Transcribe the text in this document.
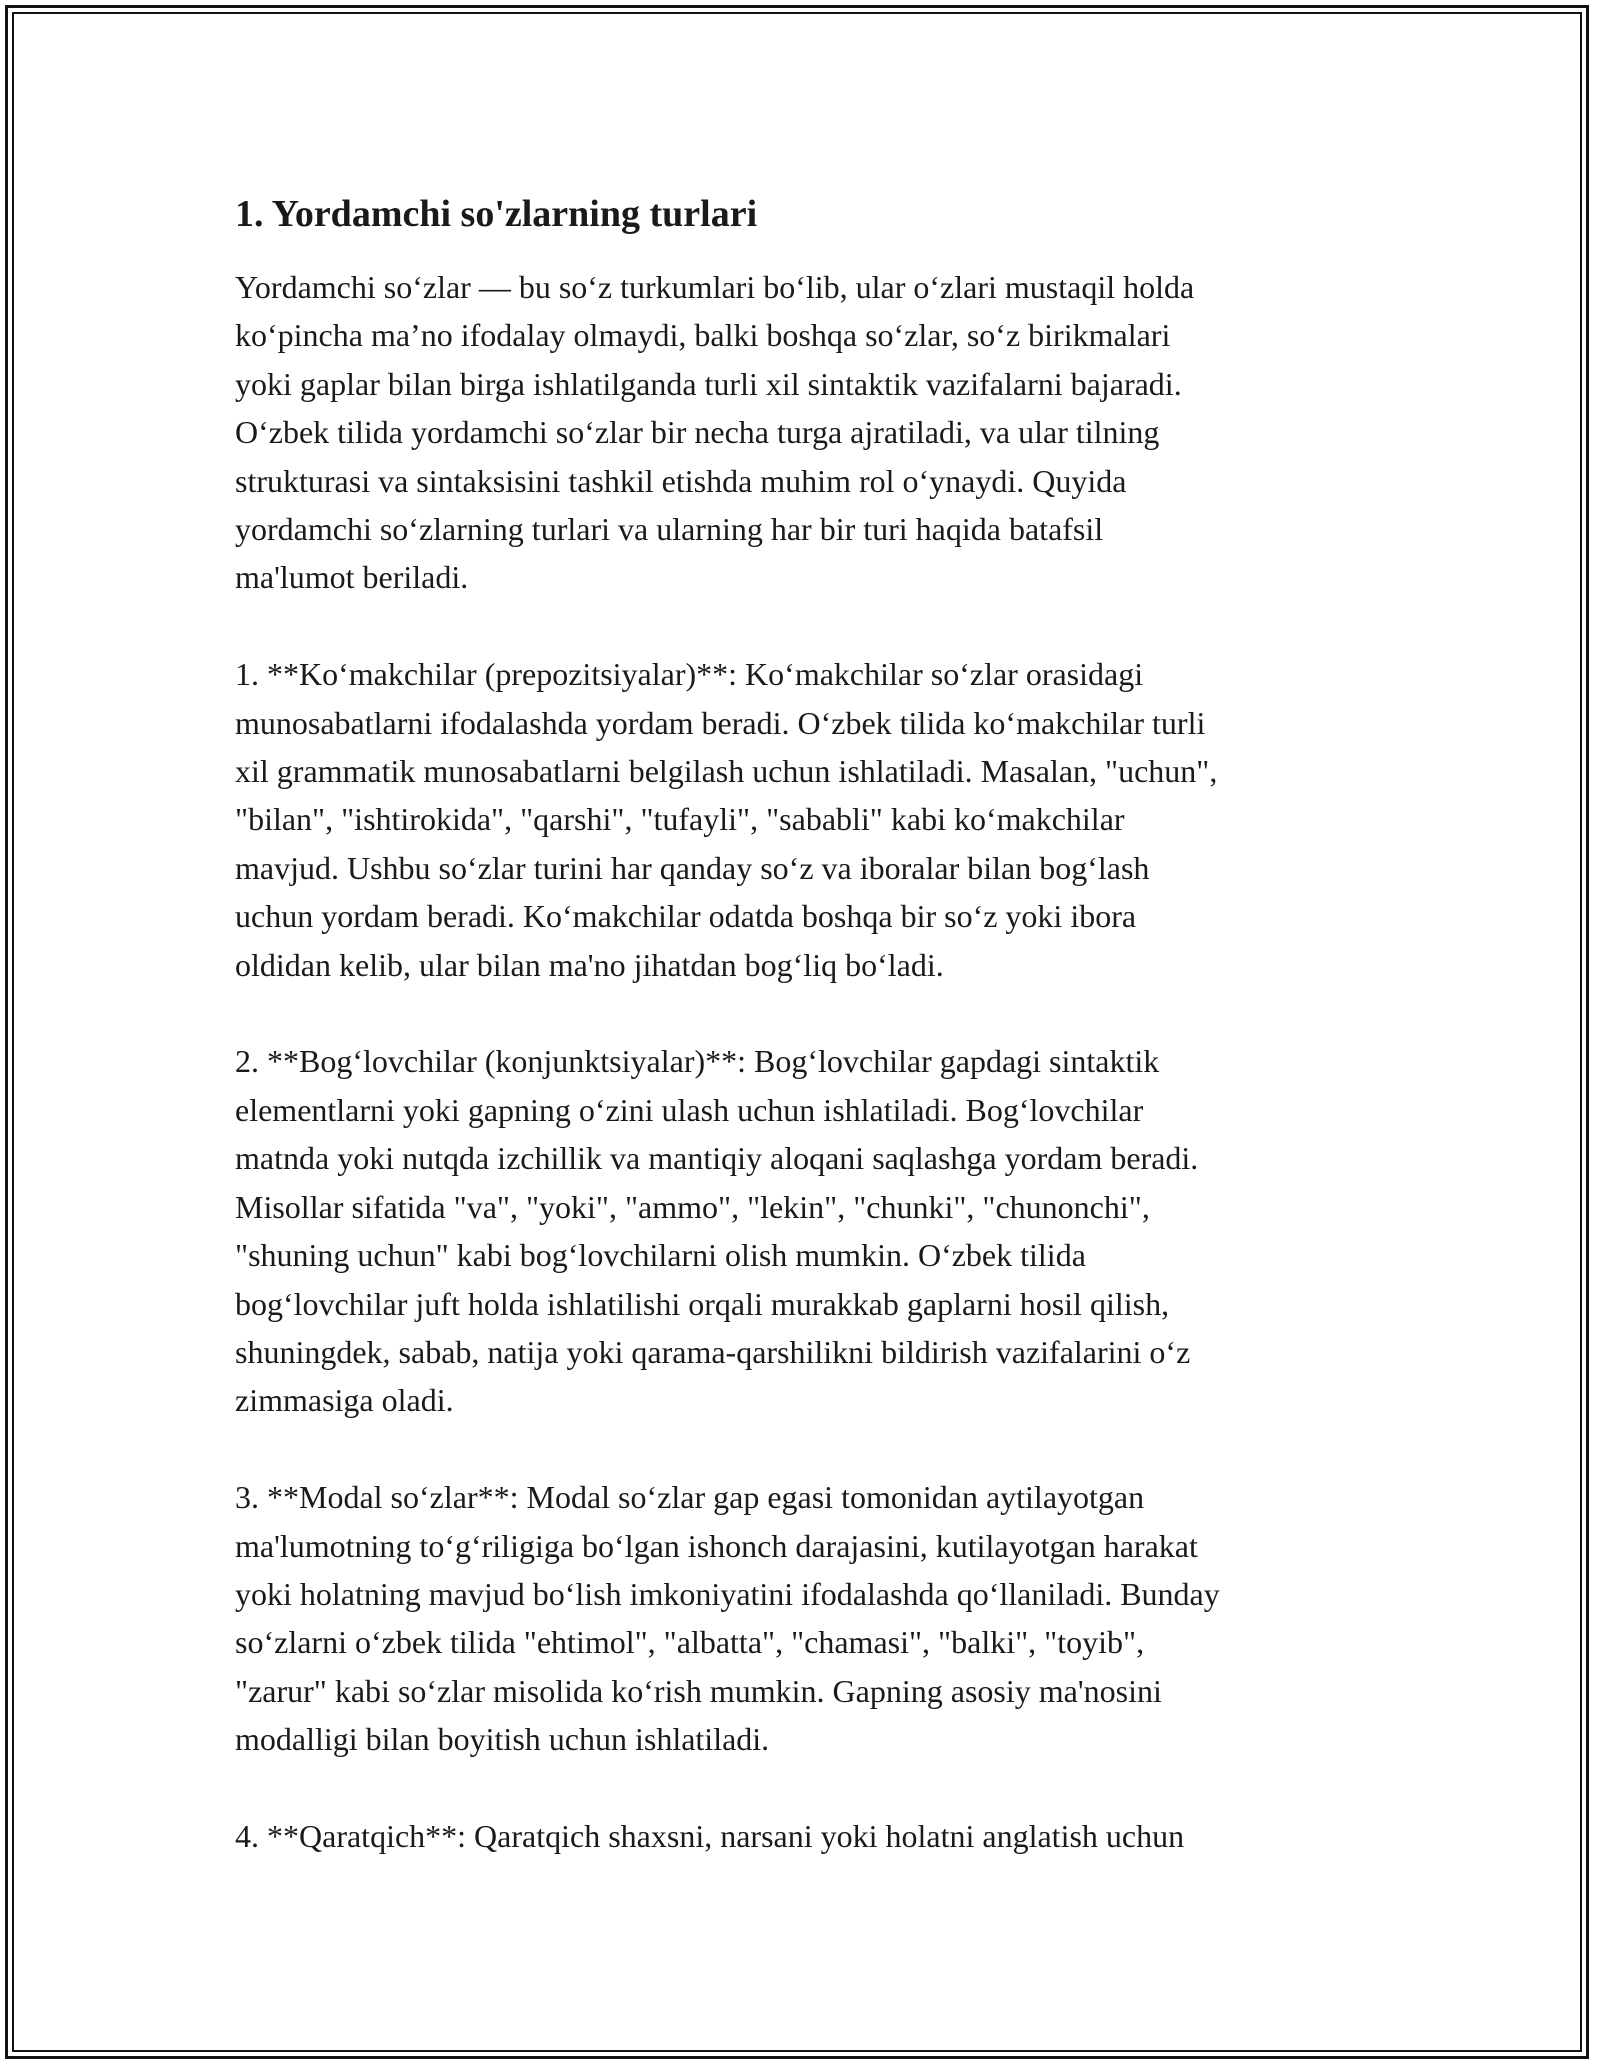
1. Yordamchi so'zlarning turlari

Yordamchi soʻzlar — bu soʻz turkumlari boʻlib, ular oʻzlari mustaqil holda
koʻpincha maʼno ifodalay olmaydi, balki boshqa soʻzlar, soʻz birikmalari
yoki gaplar bilan birga ishlatilganda turli xil sintaktik vazifalarni bajaradi.
Oʻzbek tilida yordamchi soʻzlar bir necha turga ajratiladi, va ular tilning
strukturasi va sintaksisini tashkil etishda muhim rol oʻynaydi. Quyida
yordamchi soʻzlarning turlari va ularning har bir turi haqida batafsil
ma'lumot beriladi.

1. **Koʻmakchilar (prepozitsiyalar)**: Koʻmakchilar soʻzlar orasidagi
munosabatlarni ifodalashda yordam beradi. Oʻzbek tilida koʻmakchilar turli
xil grammatik munosabatlarni belgilash uchun ishlatiladi. Masalan, "uchun",
"bilan", "ishtirokida", "qarshi", "tufayli", "sababli" kabi koʻmakchilar
mavjud. Ushbu soʻzlar turini har qanday soʻz va iboralar bilan bogʻlash
uchun yordam beradi. Koʻmakchilar odatda boshqa bir soʻz yoki ibora
oldidan kelib, ular bilan ma'no jihatdan bogʻliq boʻladi.

2. **Bogʻlovchilar (konjunktsiyalar)**: Bogʻlovchilar gapdagi sintaktik
elementlarni yoki gapning oʻzini ulash uchun ishlatiladi. Bogʻlovchilar
matnda yoki nutqda izchillik va mantiqiy aloqani saqlashga yordam beradi.
Misollar sifatida "va", "yoki", "ammo", "lekin", "chunki", "chunonchi",
"shuning uchun" kabi bogʻlovchilarni olish mumkin. Oʻzbek tilida
bogʻlovchilar juft holda ishlatilishi orqali murakkab gaplarni hosil qilish,
shuningdek, sabab, natija yoki qarama-qarshilikni bildirish vazifalarini oʻz
zimmasiga oladi.

3. **Modal soʻzlar**: Modal soʻzlar gap egasi tomonidan aytilayotgan
ma'lumotning toʻgʻriligiga boʻlgan ishonch darajasini, kutilayotgan harakat
yoki holatning mavjud boʻlish imkoniyatini ifodalashda qoʻllaniladi. Bunday
soʻzlarni oʻzbek tilida "ehtimol", "albatta", "chamasi", "balki", "toyib",
"zarur" kabi soʻzlar misolida koʻrish mumkin. Gapning asosiy ma'nosini
modalligi bilan boyitish uchun ishlatiladi.

4. **Qaratqich**: Qaratqich shaxsni, narsani yoki holatni anglatish uchun
